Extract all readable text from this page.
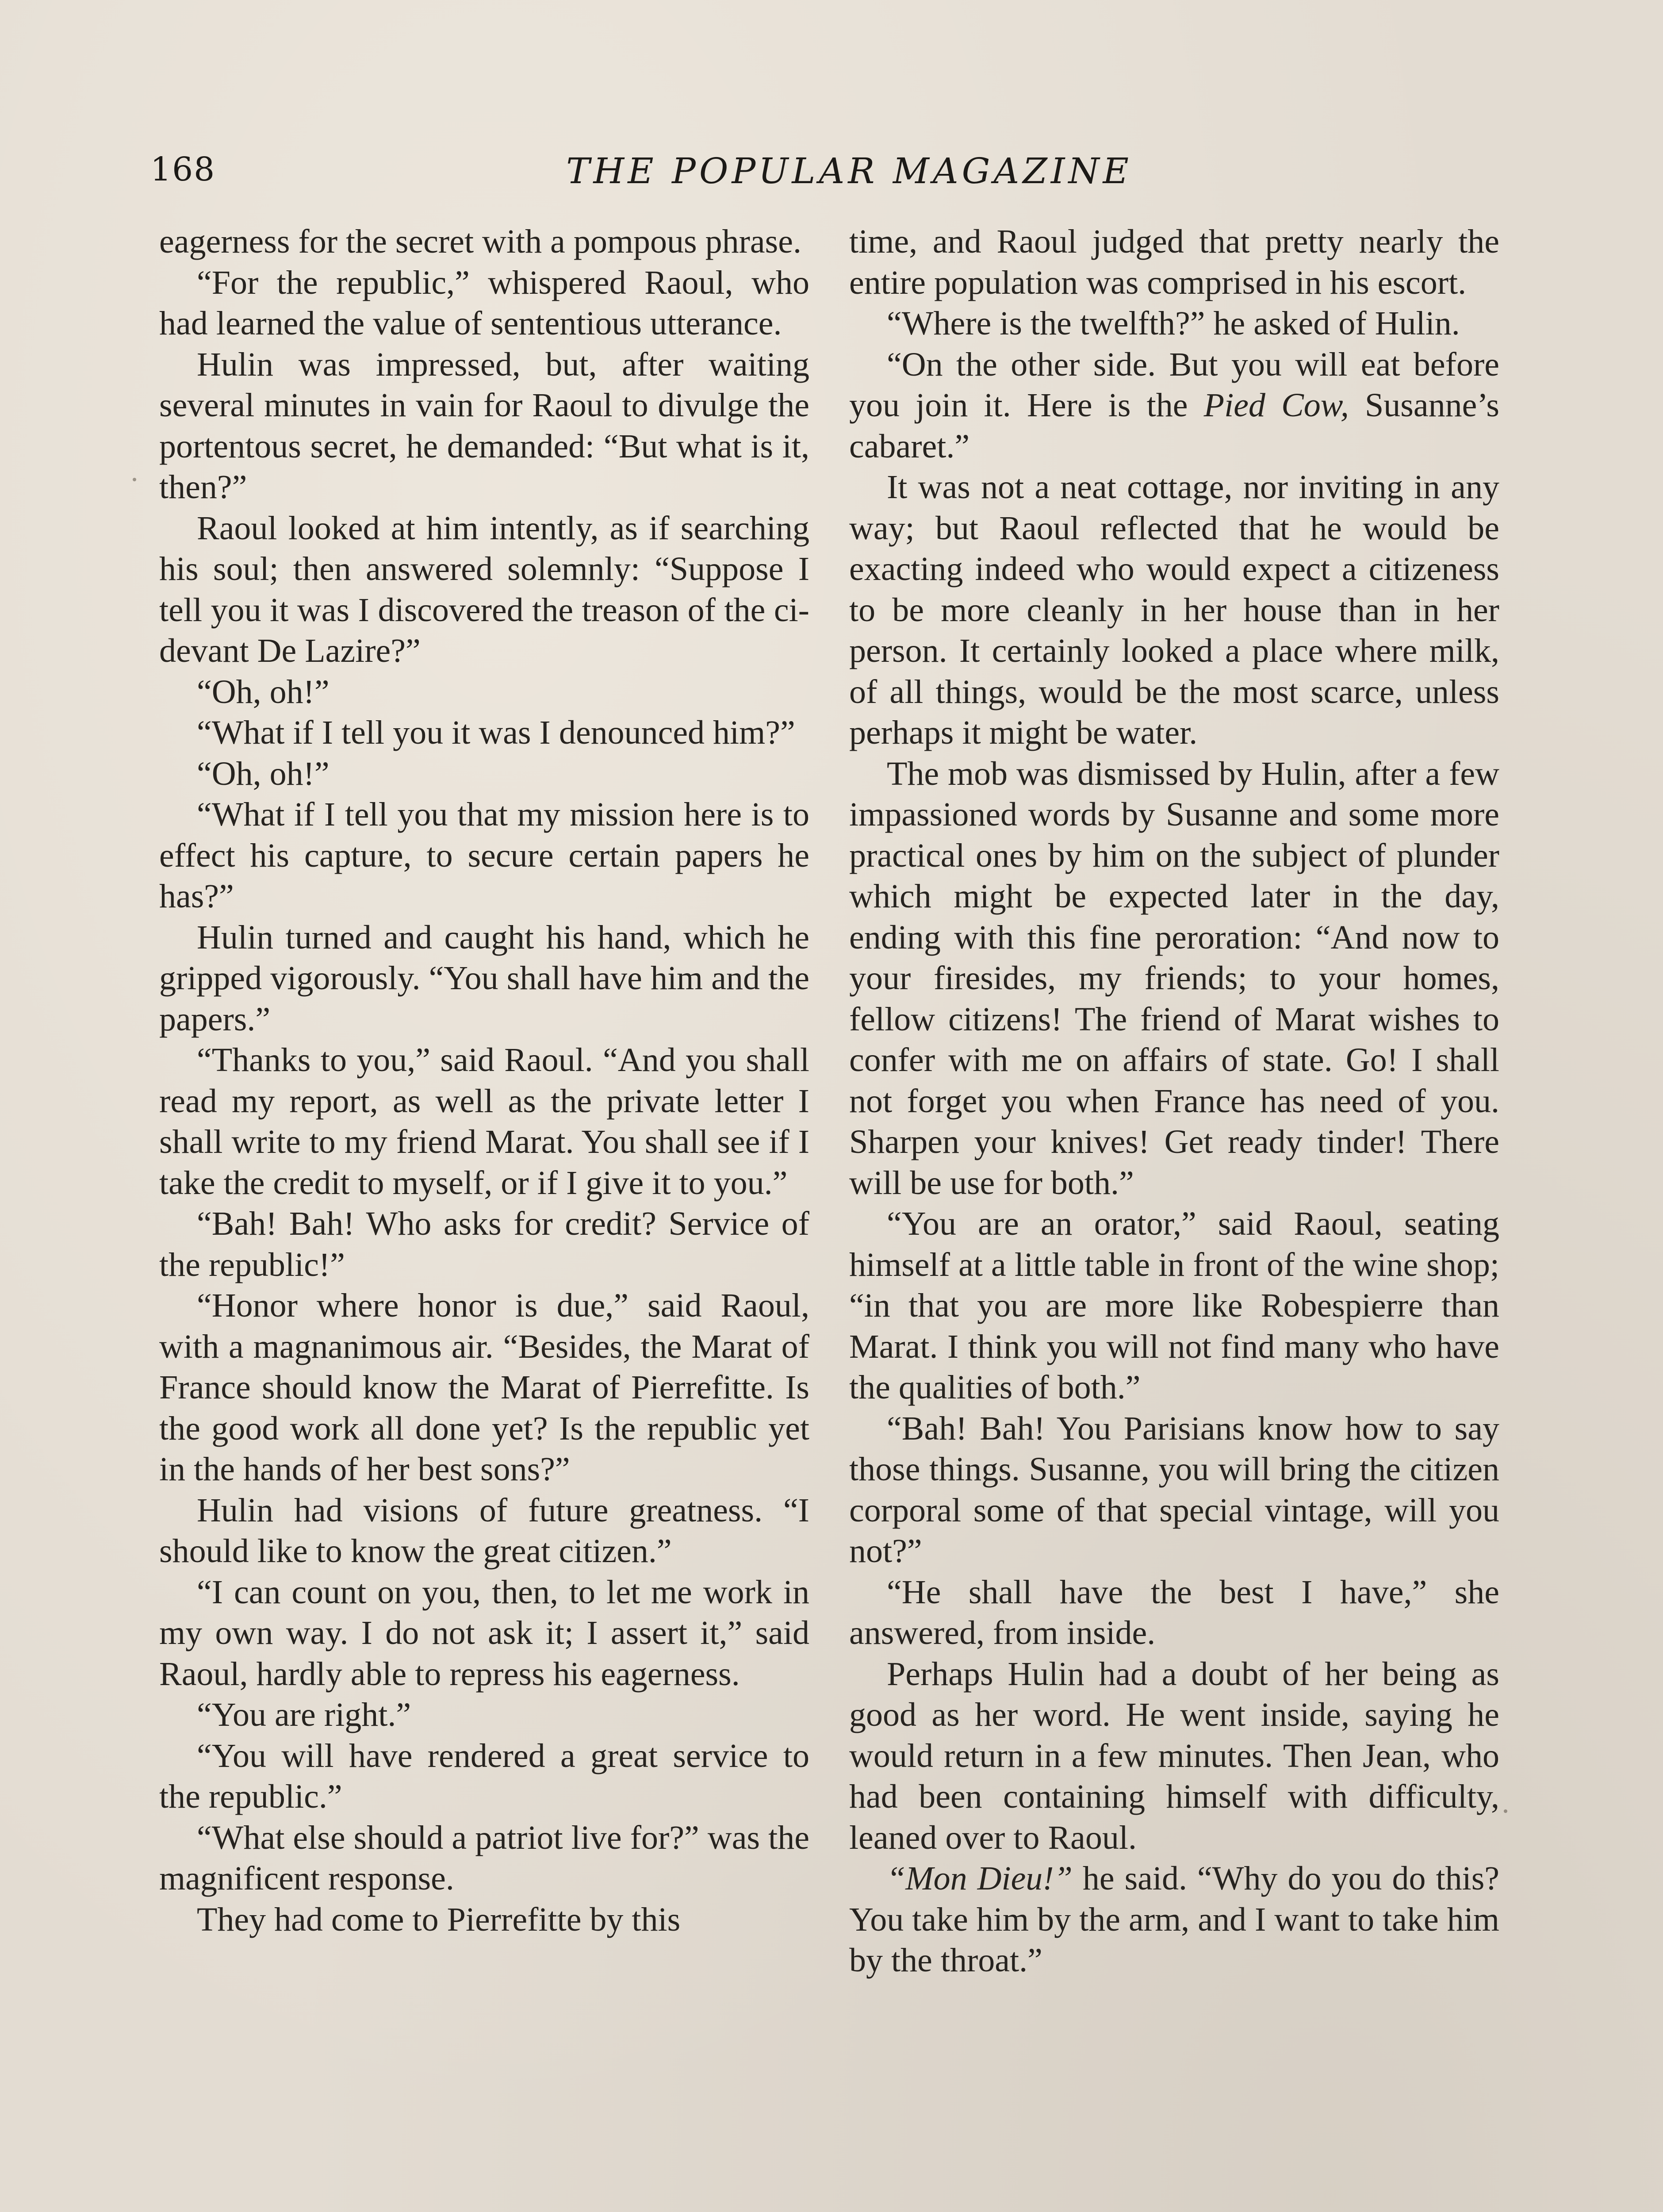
168	THE POPULAR MAGAZINE

eagerness for the secret with a pompous phrase.

“For the republic,” whispered Raoul, who had learned the value of sententious utterance.

Hulin was impressed, but, after waiting several minutes in vain for Raoul to divulge the portentous secret, he demanded: “But what is it, then?”

Raoul looked at him intently, as if searching his soul; then answered solemnly: “Suppose I tell you it was I discovered the treason of the ci-devant De Lazire?”

“Oh, oh!”

“What if I tell you it was I denounced him?”

“Oh, oh!”

“What if I tell you that my mission here is to effect his capture, to secure certain papers he has?”

Hulin turned and caught his hand, which he gripped vigorously. “You shall have him and the papers.”

“Thanks to you,” said Raoul. “And you shall read my report, as well as the private letter I shall write to my friend Marat. You shall see if I take the credit to myself, or if I give it to you.”

“Bah! Bah! Who asks for credit? Service of the republic!”

“Honor where honor is due,” said Raoul, with a magnanimous air. “Besides, the Marat of France should know the Marat of Pierrefitte. Is the good work all done yet? Is the republic yet in the hands of her best sons?”

Hulin had visions of future greatness. “I should like to know the great citizen.”

“I can count on you, then, to let me work in my own way. I do not ask it; I assert it,” said Raoul, hardly able to repress his eagerness.

“You are right.”

“You will have rendered a great service to the republic.”

“What else should a patriot live for?” was the magnificent response.

They had come to Pierrefitte by this

time, and Raoul judged that pretty nearly the entire population was comprised in his escort.

“Where is the twelfth?” he asked of Hulin.

“On the other side. But you will eat before you join it. Here is the Pied Cow, Susanne’s cabaret.”

It was not a neat cottage, nor inviting in any way; but Raoul reflected that he would be exacting indeed who would expect a citizeness to be more cleanly in her house than in her person. It certainly looked a place where milk, of all things, would be the most scarce, unless perhaps it might be water.

The mob was dismissed by Hulin, after a few impassioned words by Susanne and some more practical ones by him on the subject of plunder which might be expected later in the day, ending with this fine peroration: “And now to your firesides, my friends; to your homes, fellow citizens! The friend of Marat wishes to confer with me on affairs of state. Go! I shall not forget you when France has need of you. Sharpen your knives! Get ready tinder! There will be use for both.”

“You are an orator,” said Raoul, seating himself at a little table in front of the wine shop; “in that you are more like Robespierre than Marat. I think you will not find many who have the qualities of both.”

“Bah! Bah! You Parisians know how to say those things. Susanne, you will bring the citizen corporal some of that special vintage, will you not?”

“He shall have the best I have,” she answered, from inside.

Perhaps Hulin had a doubt of her being as good as her word. He went inside, saying he would return in a few minutes. Then Jean, who had been containing himself with difficulty, leaned over to Raoul.

“Mon Dieu!” he said. “Why do you do this? You take him by the arm, and I want to take him by the throat.”
